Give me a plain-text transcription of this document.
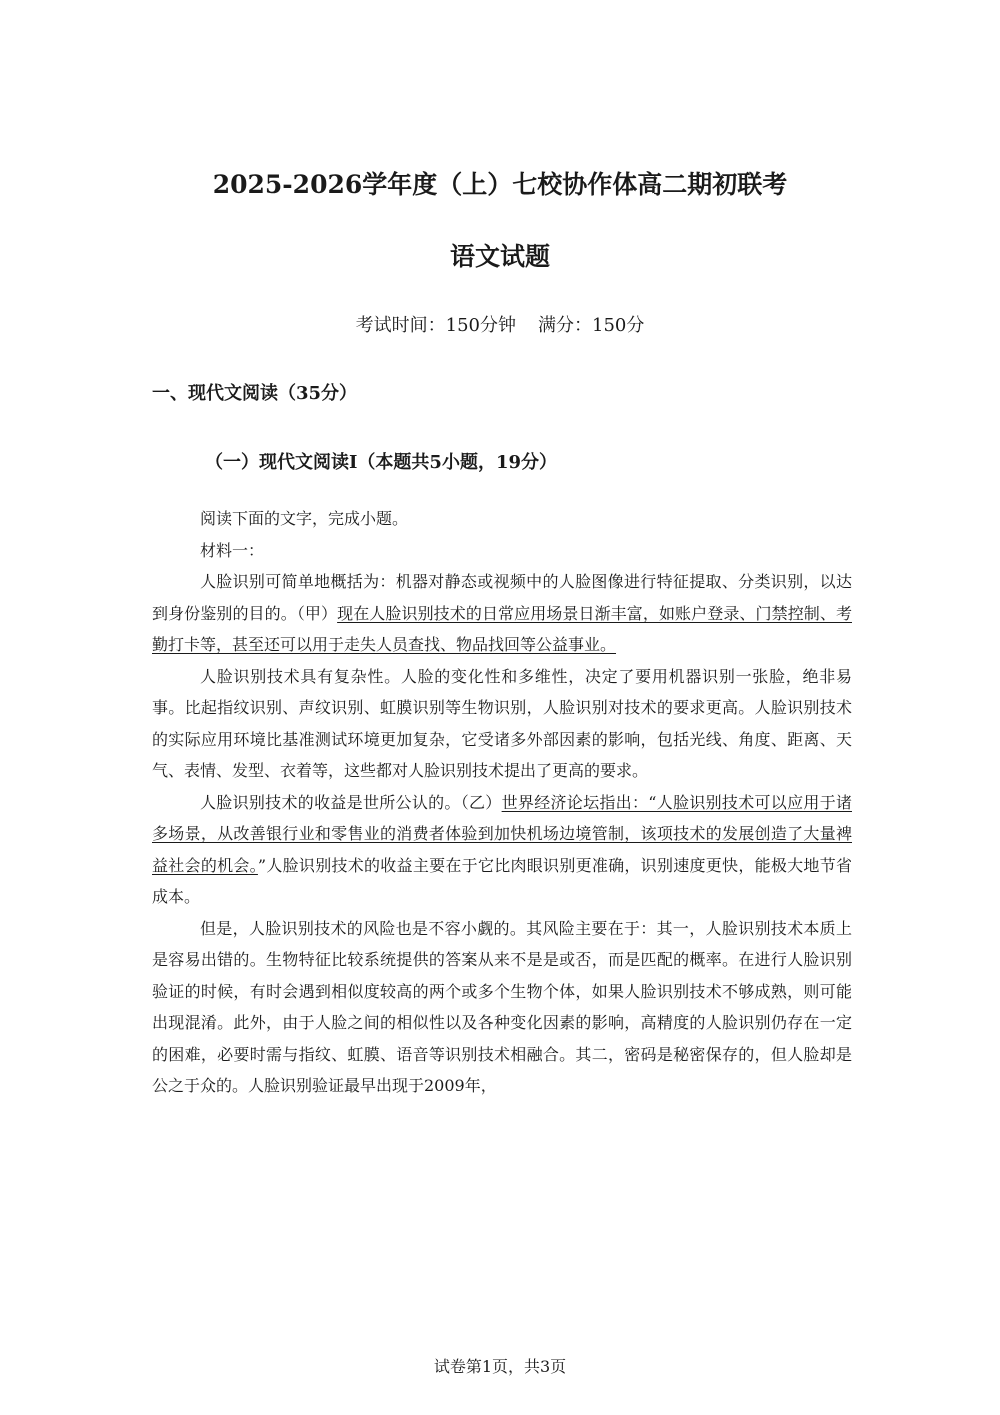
2025-2026学年度（上）七校协作体高二期初联考
语文试题
考试时间：150分钟 满分：150分
一、现代文阅读（35分）
（一）现代文阅读Ⅰ（本题共5小题，19分）

阅读下面的文字，完成小题。

材料一：

人脸识别可简单地概括为：机器对静态或视频中的人脸图像进行特征提取、分类识别，以达到身份鉴别的目的。（甲）现在人脸识别技术的日常应用场景日渐丰富，如账户登录、门禁控制、考勤打卡等，甚至还可以用于走失人员查找、物品找回等公益事业。

人脸识别技术具有复杂性。人脸的变化性和多维性，决定了要用机器识别一张脸，绝非易事。比起指纹识别、声纹识别、虹膜识别等生物识别，人脸识别对技术的要求更高。人脸识别技术的实际应用环境比基准测试环境更加复杂，它受诸多外部因素的影响，包括光线、角度、距离、天气、表情、发型、衣着等，这些都对人脸识别技术提出了更高的要求。

人脸识别技术的收益是世所公认的。（乙）世界经济论坛指出：“人脸识别技术可以应用于诸多场景，从改善银行业和零售业的消费者体验到加快机场边境管制，该项技术的发展创造了大量裨益社会的机会。”人脸识别技术的收益主要在于它比肉眼识别更准确，识别速度更快，能极大地节省成本。

但是，人脸识别技术的风险也是不容小觑的。其风险主要在于：其一，人脸识别技术本质上是容易出错的。生物特征比较系统提供的答案从来不是是或否，而是匹配的概率。在进行人脸识别验证的时候，有时会遇到相似度较高的两个或多个生物个体，如果人脸识别技术不够成熟，则可能出现混淆。此外，由于人脸之间的相似性以及各种变化因素的影响，高精度的人脸识别仍存在一定的困难，必要时需与指纹、虹膜、语音等识别技术相融合。其二，密码是秘密保存的，但人脸却是公之于众的。人脸识别验证最早出现于2009年，

试卷第1页，共3页
